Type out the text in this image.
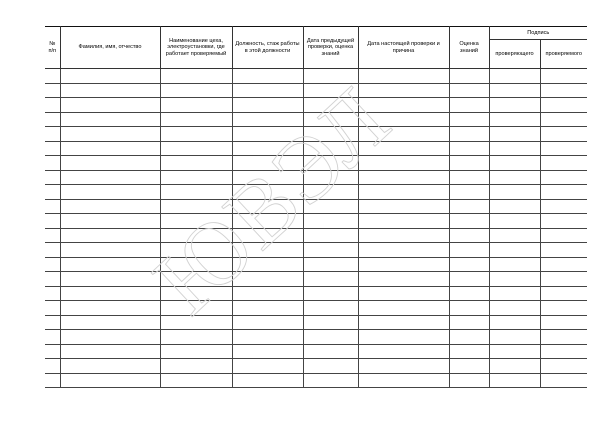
№
п/п	Фамилия, имя, отчество	Наименование цеха, электроустановки, где работает проверяемый	Должность, стаж работы в этой должности	Дата предыдущей проверки, оценка знаний	Дата настоящей проверки и причина	Оценка знаний	Подпись	
							проверяющего	проверяемого

ЮВЭЛ
